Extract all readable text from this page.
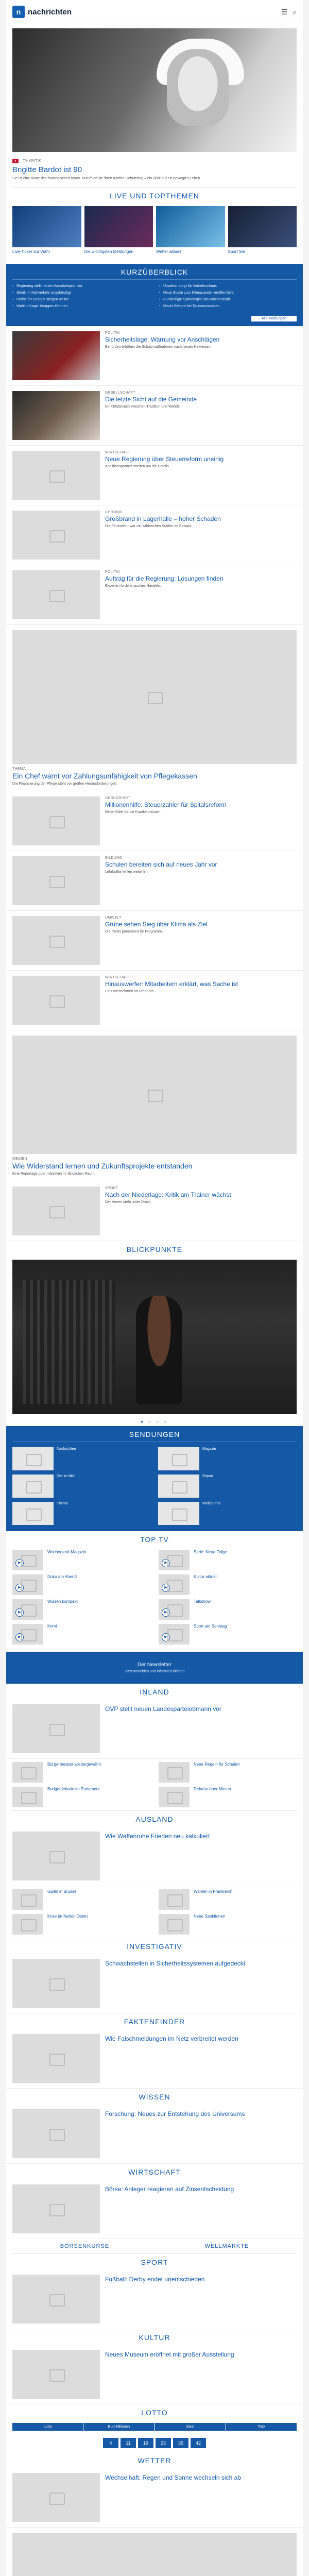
n nachrichten	☰ ⌕
● TV-KRITIK
Brigitte Bardot ist 90
Sie ist eine Ikone des französischen Kinos. Nun feiert sie ihren runden Geburtstag – ein Blick auf ein bewegtes Leben.
LIVE UND TOPTHEMEN
Live-Ticker zur Wahl	Die wichtigsten Meldungen	Wetter aktuell	Sport live
KURZÜBERBLICK
• Regierung stellt neuen Haushaltsplan vor	• Unwetter sorgt für Verkehrschaos
• Streik im Nahverkehr angekündigt	• Neue Studie zum Klimawandel veröffentlicht
• Preise für Energie steigen weiter	• Bundesliga: Spitzenspiel am Wochenende
• Wahlumfrage: Knappes Rennen	• Neuer Rekord bei Tourismuszahlen
Alle Meldungen
POLITIK
Sicherheitslage: Warnung vor Anschlägen
Behörden erhöhen die Schutzmaßnahmen nach neuen Hinweisen.
GESELLSCHAFT
Die letzte Sicht auf die Gemeinde
Ein Ortsbesuch zwischen Tradition und Wandel.
WIRTSCHAFT
Neue Regierung über Steuerreform uneinig
Koalitionspartner streiten um die Details.
CHRONIK
Großbrand in Lagerhalle – hoher Schaden
Die Feuerwehr war mit zahlreichen Kräften im Einsatz.
POLITIK
Auftrag für die Regierung: Lösungen finden
Experten fordern rasches Handeln.
THEMA
Ein Chef warnt vor Zahlungsunfähigkeit von Pflegekassen
Die Finanzierung der Pflege steht vor großen Herausforderungen.
GESUNDHEIT
Millionenhilfe: Steuerzahler für Spitalsreform
Neue Mittel für die Krankenhäuser.
BILDUNG
Schulen bereiten sich auf neues Jahr vor
Lehrkräfte fehlen weiterhin.
UMWELT
Grüne sehen Sieg über Klima als Ziel
Die Partei präsentiert ihr Programm.
WIRTSCHAFT
Hinauswerfer: Mitarbeitern erklärt, was Sache ist
Ein Unternehmen im Umbruch.
MEDIEN
Wie Widerstand lernen und Zukunftsprojekte entstanden
Eine Reportage über Initiativen im ländlichen Raum.
SPORT
Nach der Niederlage: Kritik am Trainer wächst
Der Verein steht unter Druck.
BLICKPUNKTE
● ○ ○ ○
SENDUNGEN
Nachrichten	Magazin
Zeit im Bild	Report
Thema	Weltjournal
TOP TV
▶
Wochenend-Magazin
▶
Serie: Neue Folge
▶
Doku am Abend
▶
Kultur aktuell
▶
Wissen kompakt
▶
Talkshow
▶
Krimi
▶
Sport am Sonntag
Der Newsletter
Jetzt anmelden und informiert bleiben
INLAND
ÖVP stellt neuen Landesparteiobmann vor
Bürgermeister wiedergewählt	Neue Regeln für Schulen
Budgetdebatte im Parlament	Debatte über Mieten
AUSLAND
Wie Waffenruhe Frieden neu kalkuliert
Gipfel in Brüssel	Wahlen in Frankreich
Krise im Nahen Osten	Neue Sanktionen
INVESTIGATIV
Schwachstellen in Sicherheitssystemen aufgedeckt
FAKTENFINDER
Wie Falschmeldungen im Netz verbreitet werden
WISSEN
Forschung: Neues zur Entstehung des Universums
WIRTSCHAFT
Börse: Anleger reagieren auf Zinsentscheidung
BÖRSENKURSE	WELLMÄRKTE
SPORT
Fußball: Derby endet unentschieden
KULTUR
Neues Museum eröffnet mit großer Ausstellung
LOTTO
Lotto	EuroMillionen	Joker	Toto
4	11	19	23	35	42
WETTER
Wechselhaft: Regen und Sonne wechseln sich ab
